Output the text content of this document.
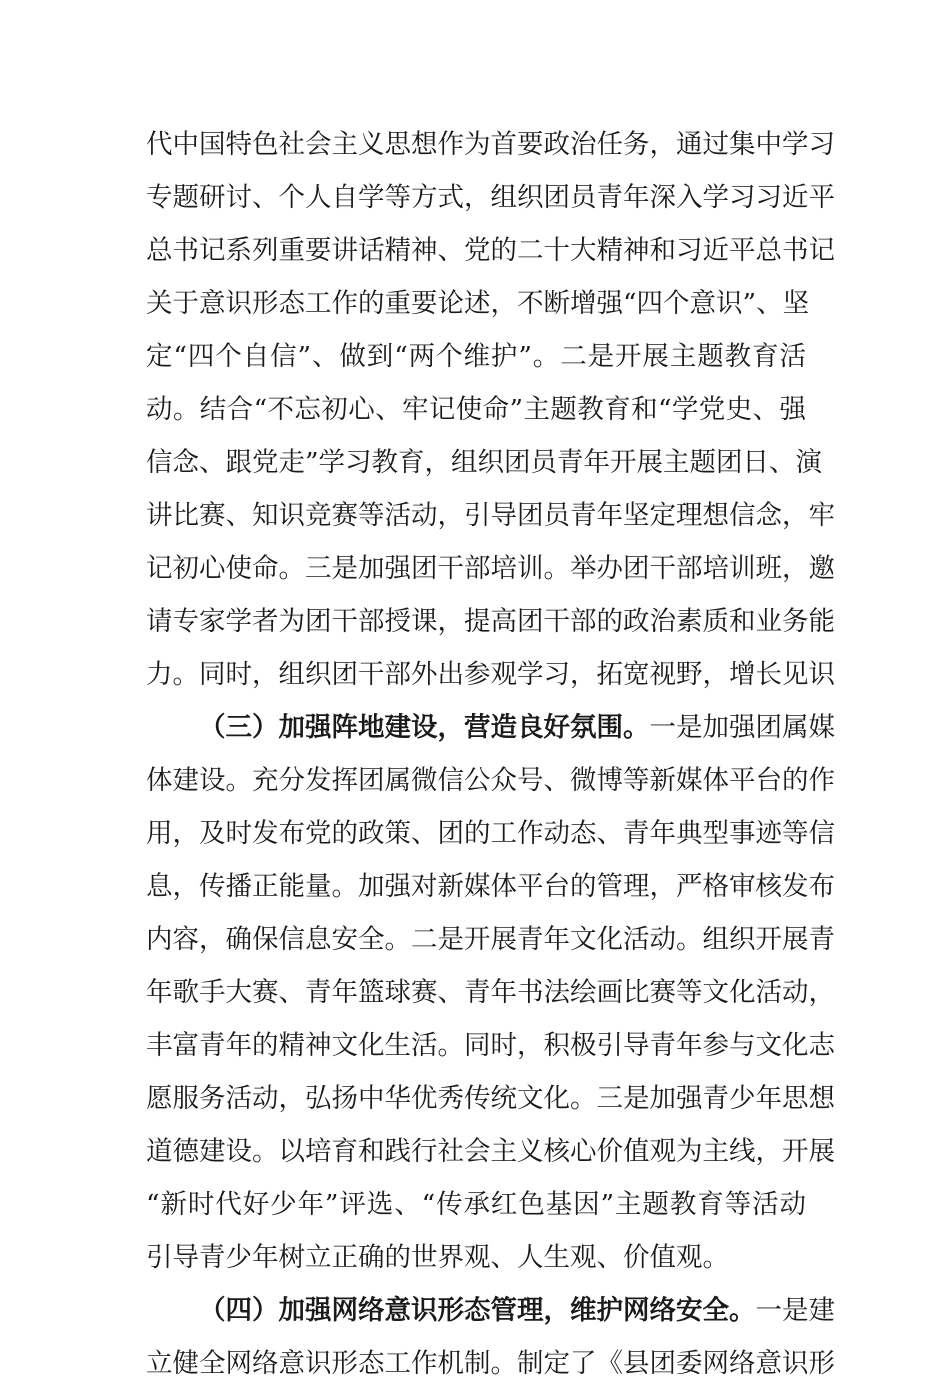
代中国特色社会主义思想作为首要政治任务，通过集中学习
专题研讨、个人自学等方式，组织团员青年深入学习习近平
总书记系列重要讲话精神、党的二十大精神和习近平总书记
关于意识形态工作的重要论述，不断增强“四个意识”、坚
定“四个自信”、做到“两个维护”。二是开展主题教育活
动。结合“不忘初心、牢记使命”主题教育和“学党史、强
信念、跟党走”学习教育，组织团员青年开展主题团日、演
讲比赛、知识竞赛等活动，引导团员青年坚定理想信念，牢
记初心使命。三是加强团干部培训。举办团干部培训班，邀
请专家学者为团干部授课，提高团干部的政治素质和业务能
力。同时，组织团干部外出参观学习，拓宽视野，增长见识
（三）加强阵地建设，营造良好氛围。一是加强团属媒
体建设。充分发挥团属微信公众号、微博等新媒体平台的作
用，及时发布党的政策、团的工作动态、青年典型事迹等信
息，传播正能量。加强对新媒体平台的管理，严格审核发布
内容，确保信息安全。二是开展青年文化活动。组织开展青
年歌手大赛、青年篮球赛、青年书法绘画比赛等文化活动，
丰富青年的精神文化生活。同时，积极引导青年参与文化志
愿服务活动，弘扬中华优秀传统文化。三是加强青少年思想
道德建设。以培育和践行社会主义核心价值观为主线，开展
“新时代好少年”评选、“传承红色基因”主题教育等活动
引导青少年树立正确的世界观、人生观、价值观。
（四）加强网络意识形态管理，维护网络安全。一是建
立健全网络意识形态工作机制。制定了《县团委网络意识形
